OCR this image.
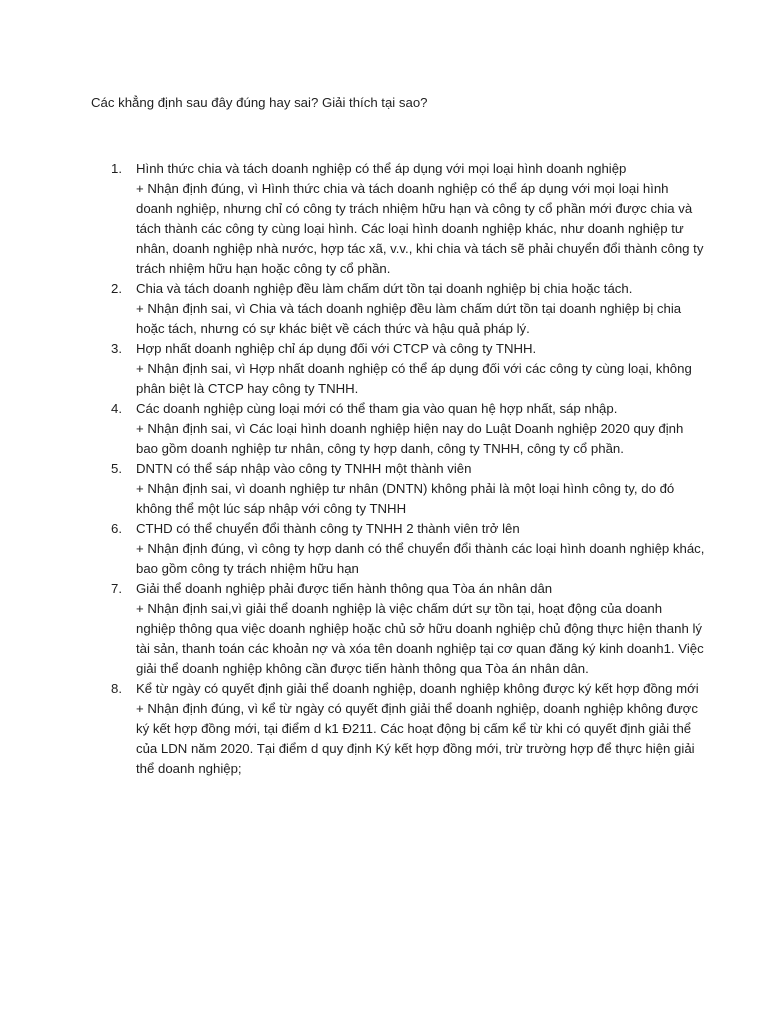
Các khẳng định sau đây đúng hay sai? Giải thích tại sao?
1.	Hình thức chia và tách doanh nghiệp có thể áp dụng với mọi loại hình doanh nghiệp
+ Nhận định đúng, vì Hình thức chia và tách doanh nghiệp có thể áp dụng với mọi loại hình
doanh nghiệp, nhưng chỉ có công ty trách nhiệm hữu hạn và công ty cổ phần mới được chia và
tách thành các công ty cùng loại hình. Các loại hình doanh nghiệp khác, như doanh nghiệp tư
nhân, doanh nghiệp nhà nước, hợp tác xã, v.v., khi chia và tách sẽ phải chuyển đổi thành công ty
trách nhiệm hữu hạn hoặc công ty cổ phần.
2.	Chia và tách doanh nghiệp đều làm chấm dứt tồn tại doanh nghiệp bị chia hoặc tách.
+ Nhận định sai, vì Chia và tách doanh nghiệp đều làm chấm dứt tồn tại doanh nghiệp bị chia
hoặc tách, nhưng có sự khác biệt về cách thức và hậu quả pháp lý.
3.	Hợp nhất doanh nghiệp chỉ áp dụng đối với CTCP và công ty TNHH.
+ Nhận định sai, vì Hợp nhất doanh nghiệp có thể áp dụng đối với các công ty cùng loại, không
phân biệt là CTCP hay công ty TNHH.
4.	Các doanh nghiệp cùng loại mới có thể tham gia vào quan hệ hợp nhất, sáp nhập.
+ Nhận định sai, vì Các loại hình doanh nghiệp hiện nay do Luật Doanh nghiệp 2020 quy định
bao gồm doanh nghiệp tư nhân, công ty hợp danh, công ty TNHH, công ty cổ phần.
5.	DNTN có thể sáp nhập vào công ty TNHH một thành viên
+ Nhận định sai, vì doanh nghiệp tư nhân (DNTN) không phải là một loại hình công ty, do đó
không thể một lúc sáp nhập với công ty TNHH
6.	CTHD có thể chuyển đổi thành công ty TNHH 2 thành viên trở lên
+ Nhận định đúng, vì công ty hợp danh có thể chuyển đổi thành các loại hình doanh nghiệp khác,
bao gồm công ty trách nhiệm hữu hạn
7.	Giải thể doanh nghiệp phải được tiến hành thông qua Tòa án nhân dân
+ Nhận định sai,vì giải thể doanh nghiệp là việc chấm dứt sự tồn tại, hoạt động của doanh
nghiệp thông qua việc doanh nghiệp hoặc chủ sở hữu doanh nghiệp chủ động thực hiện thanh lý
tài sản, thanh toán các khoản nợ và xóa tên doanh nghiệp tại cơ quan đăng ký kinh doanh1. Việc
giải thể doanh nghiệp không cần được tiến hành thông qua Tòa án nhân dân.
8.	Kể từ ngày có quyết định giải thể doanh nghiệp, doanh nghiệp không được ký kết hợp đồng mới
+ Nhận định đúng, vì kể từ ngày có quyết định giải thể doanh nghiệp, doanh nghiệp không được
ký kết hợp đồng mới, tại điểm d k1 Đ211. Các hoạt động bị cấm kể từ khi có quyết định giải thể
của LDN năm 2020. Tại điểm d quy định Ký kết hợp đồng mới, trừ trường hợp để thực hiện giải
thể doanh nghiệp;
